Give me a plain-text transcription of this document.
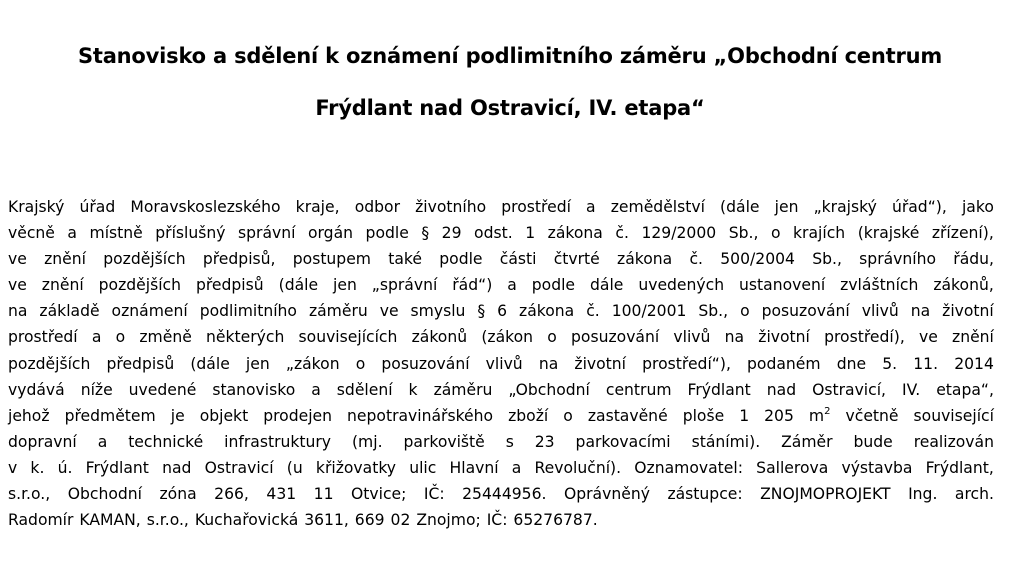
Stanovisko a sdělení k oznámení podlimitního záměru „Obchodní centrum
Frýdlant nad Ostravicí, IV. etapa“
Krajský úřad Moravskoslezského kraje, odbor životního prostředí a zemědělství (dále jen „krajský úřad“), jako
věcně a místně příslušný správní orgán podle § 29 odst. 1 zákona č. 129/2000 Sb., o krajích (krajské zřízení),
ve znění pozdějších předpisů, postupem také podle části čtvrté zákona č. 500/2004 Sb., správního řádu,
ve znění pozdějších předpisů (dále jen „správní řád“) a podle dále uvedených ustanovení zvláštních zákonů,
na základě oznámení podlimitního záměru ve smyslu § 6 zákona č. 100/2001 Sb., o posuzování vlivů na životní
prostředí a o změně některých souvisejících zákonů (zákon o posuzování vlivů na životní prostředí), ve znění
pozdějších předpisů (dále jen „zákon o posuzování vlivů na životní prostředí“), podaném dne 5. 11. 2014
vydává níže uvedené stanovisko a sdělení k záměru „Obchodní centrum Frýdlant nad Ostravicí, IV. etapa“,
jehož předmětem je objekt prodejen nepotravinářského zboží o zastavěné ploše 1 205 $m^2$ včetně související
dopravní a technické infrastruktury (mj. parkoviště s 23 parkovacími stáními). Záměr bude realizován
v k. ú. Frýdlant nad Ostravicí (u křižovatky ulic Hlavní a Revoluční). Oznamovatel: Sallerova výstavba Frýdlant,
s.r.o., Obchodní zóna 266, 431 11 Otvice; IČ: 25444956. Oprávněný zástupce: ZNOJMOPROJEKT Ing. arch.
Radomír KAMAN, s.r.o., Kuchařovická 3611, 669 02 Znojmo; IČ: 65276787.
